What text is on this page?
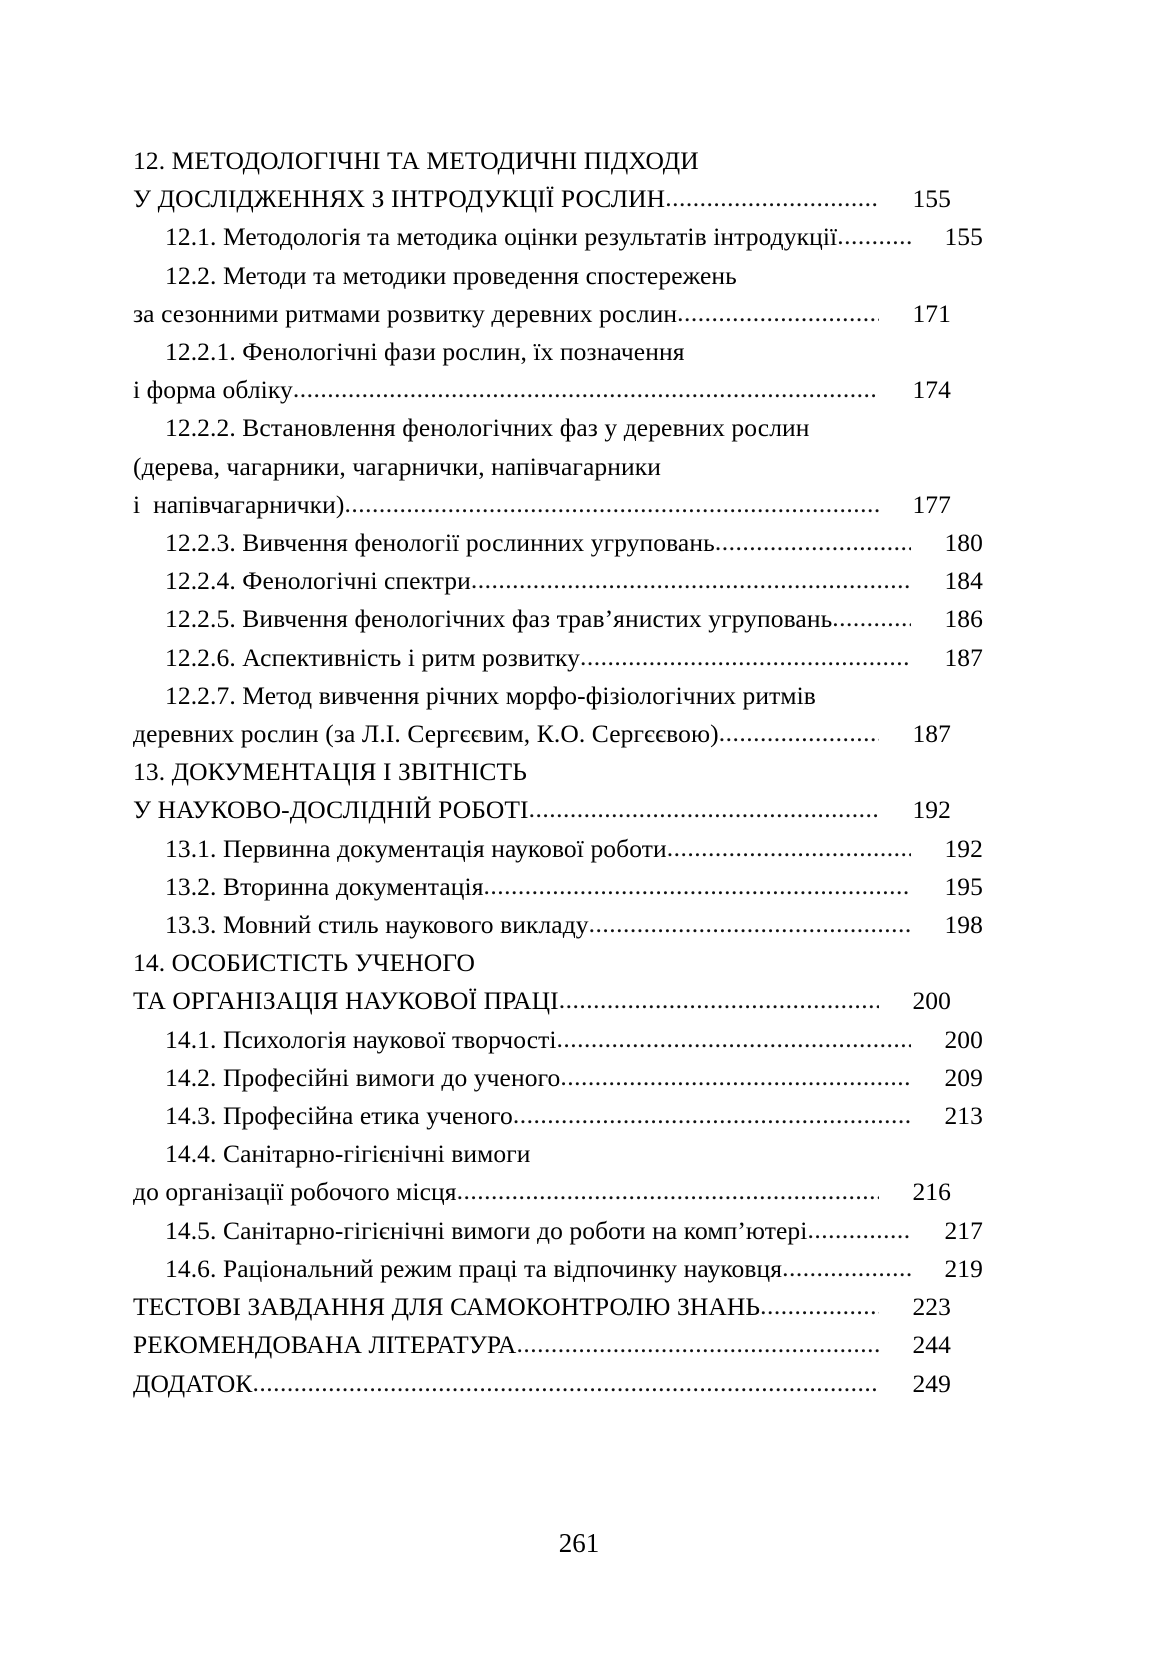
12. МЕТОДОЛОГІЧНІ ТА МЕТОДИЧНІ ПІДХОДИ
У ДОСЛІДЖЕННЯХ З ІНТРОДУКЦІЇ РОСЛИН .....	155
12.1. Методологія та методика оцінки результатів інтродукції .....	155
12.2. Методи та методики проведення спостережень
за сезонними ритмами розвитку деревних рослин .....	171
12.2.1. Фенологічні фази рослин, їх позначення
і форма обліку .....	174
12.2.2. Встановлення фенологічних фаз у деревних рослин
(дерева, чагарники, чагарнички, напівчагарники
і  напівчагарнички) .....	177
12.2.3. Вивчення фенології рослинних угруповань .....	180
12.2.4. Фенологічні спектри .....	184
12.2.5. Вивчення фенологічних фаз трав’янистих угруповань .....	186
12.2.6. Аспективність і ритм розвитку .....	187
12.2.7. Метод вивчення річних морфо-фізіологічних ритмів
деревних рослин (за Л.І. Сергєєвим, К.О. Сергєєвою) .....	187
13. ДОКУМЕНТАЦІЯ І ЗВІТНІСТЬ
У НАУКОВО-ДОСЛІДНІЙ РОБОТІ .....	192
13.1. Первинна документація наукової роботи .....	192
13.2. Вторинна документація .....	195
13.3. Мовний стиль наукового викладу .....	198
14. ОСОБИСТІСТЬ УЧЕНОГО
ТА ОРГАНІЗАЦІЯ НАУКОВОЇ ПРАЦІ .....	200
14.1. Психологія наукової творчості .....	200
14.2. Професійні вимоги до ученого .....	209
14.3. Професійна етика ученого .....	213
14.4. Санітарно-гігієнічні вимоги
до організації робочого місця .....	216
14.5. Санітарно-гігієнічні вимоги до роботи на комп’ютері .....	217
14.6. Раціональний режим праці та відпочинку науковця .....	219
ТЕСТОВІ ЗАВДАННЯ ДЛЯ САМОКОНТРОЛЮ ЗНАНЬ .....	223
РЕКОМЕНДОВАНА ЛІТЕРАТУРА .....	244
ДОДАТОК .....	249
261
